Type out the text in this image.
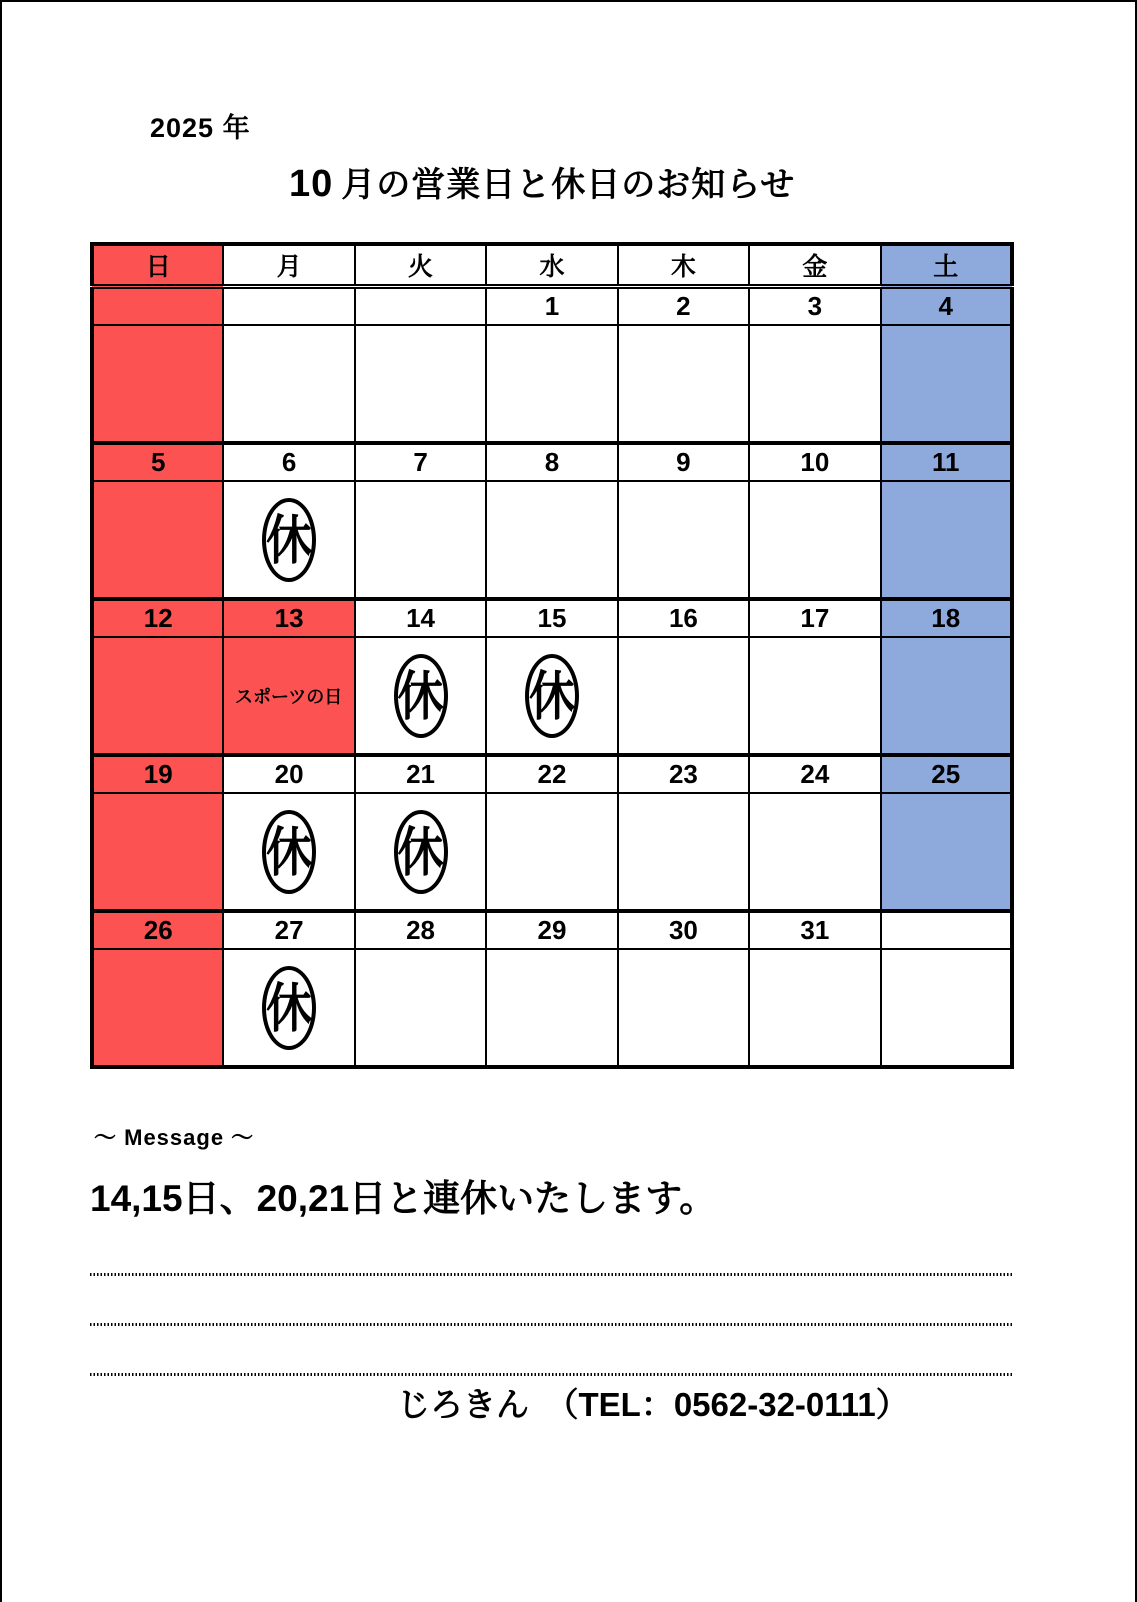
2025 年
10 月の営業日と休日のお知らせ
日	月	火	水	木	金	土
			1	2	3	4

5	6	7	8	9	10	11

	休					

12	13	14	15	16	17	18
	スポーツの日	休	休			

19	20	21	22	23	24	25

	休	休				

26	27	28	29	30	31	

	休					

～ Message ～
14,15日、20,21日と連休いたします。
じろきん　（TEL：0562-32-0111）
